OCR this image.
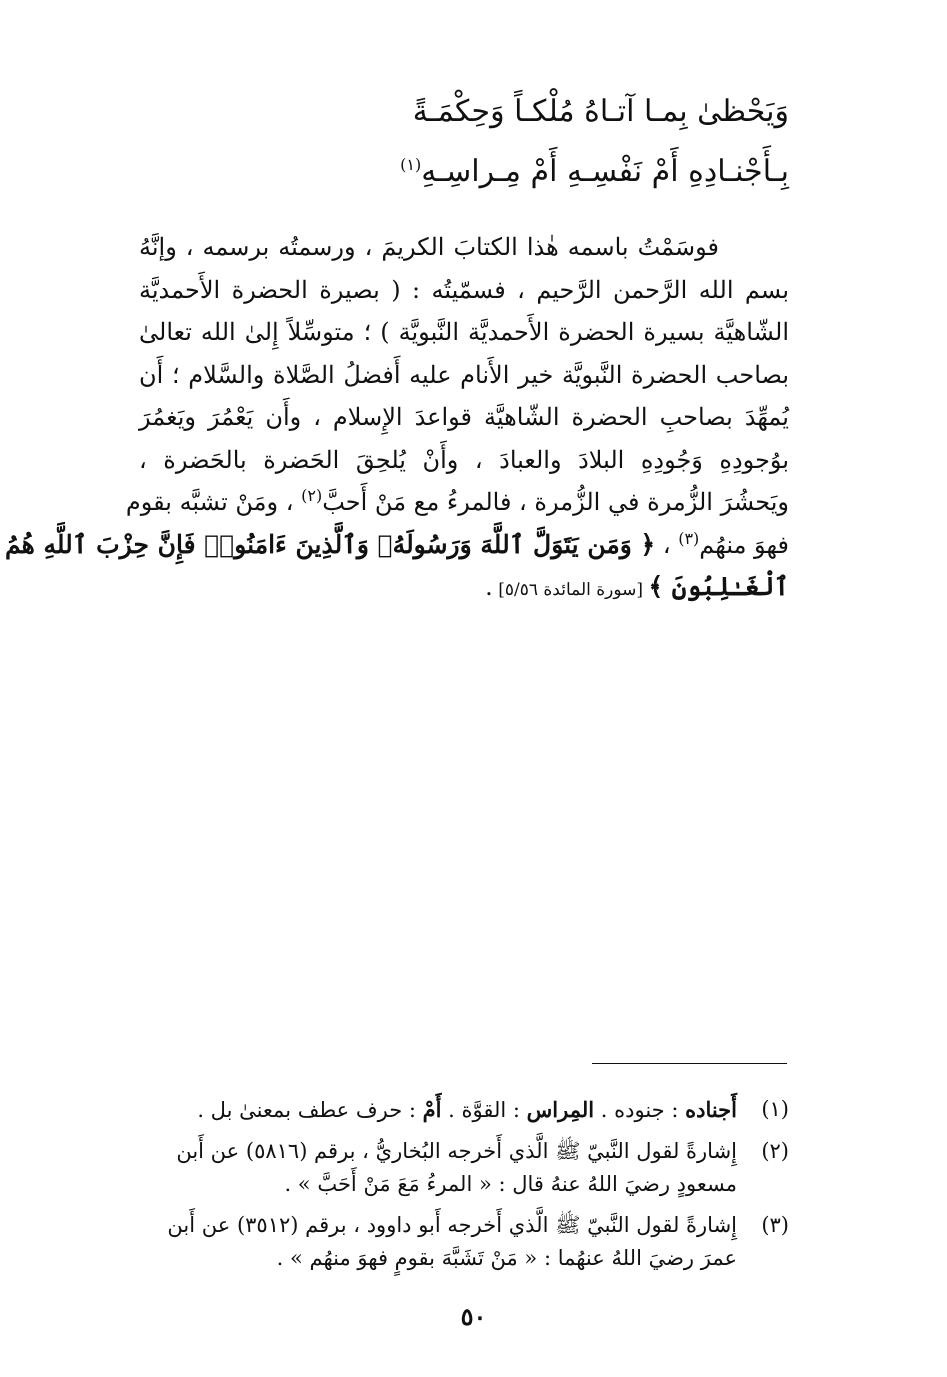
وَيَحْظىٰ بِمـا آتـاهُ مُلْكـاً وَحِكْمَـةً
بِـأَجْنـادِهِ أَمْ نَفْسِـهِ أَمْ مِـراسِـهِ$^{(١)}$
فوسَمْتُ باسمه هٰذا الكتابَ الكريمَ ، ورسمتُه برسمه ، وإنَّهُ
بسم الله الرَّحمن الرَّحيم ، فسمّيتُه : ( بصيرة الحضرة الأَحمديَّة
الشّاهيَّة بسيرة الحضرة الأَحمديَّة النَّبويَّة ) ؛ متوسِّلاً إِلىٰ الله تعالىٰ
بصاحب الحضرة النَّبويَّة خير الأَنام عليه أَفضلُ الصَّلاة والسَّلام ؛ أَن
يُمهِّدَ بصاحبِ الحضرة الشّاهيَّة قواعدَ الإِسلام ، وأَن يَعْمُرَ ويَغمُرَ
بوُجودِهِ وَجُودِهِ البلادَ والعبادَ ، وأَنْ يُلحِقَ الحَضرة بالحَضرة ،
ويَحشُرَ الزُّمرة في الزُّمرة ، فالمرءُ مع مَنْ أَحبَّ$^{(٢)}$ ، ومَنْ تشبَّه بقوم
فهوَ منهُم$^{(٣)}$ ، ﴿ وَمَن يَتَوَلَّ ٱللَّهَ وَرَسُولَهُۥ وَٱلَّذِينَ ءَامَنُوا۟ فَإِنَّ حِزْبَ ٱللَّهِ هُمُ
ٱلْغَـٰلِبُونَ ﴾ [سورة المائدة ٥/٥٦] .
(١)
أَجناده : جنوده . المِراس : القوَّة . أَمْ : حرف عطف بمعنىٰ بل .
(٢)
إِشارةً لقول النَّبيّ ﷺ الَّذي أَخرجه البُخاريُّ ، برقم (٥٨١٦) عن أَبن
مسعودٍ رضيَ اللهُ عنهُ قال : « المرءُ مَعَ مَنْ أَحَبَّ » .
(٣)
إِشارةً لقول النَّبيّ ﷺ الَّذي أَخرجه أَبو داوود ، برقم (٣٥١٢) عن أَبن
عمرَ رضيَ اللهُ عنهُما : « مَنْ تَشَبَّهَ بقومٍ فهوَ منهُم » .
٥٠
